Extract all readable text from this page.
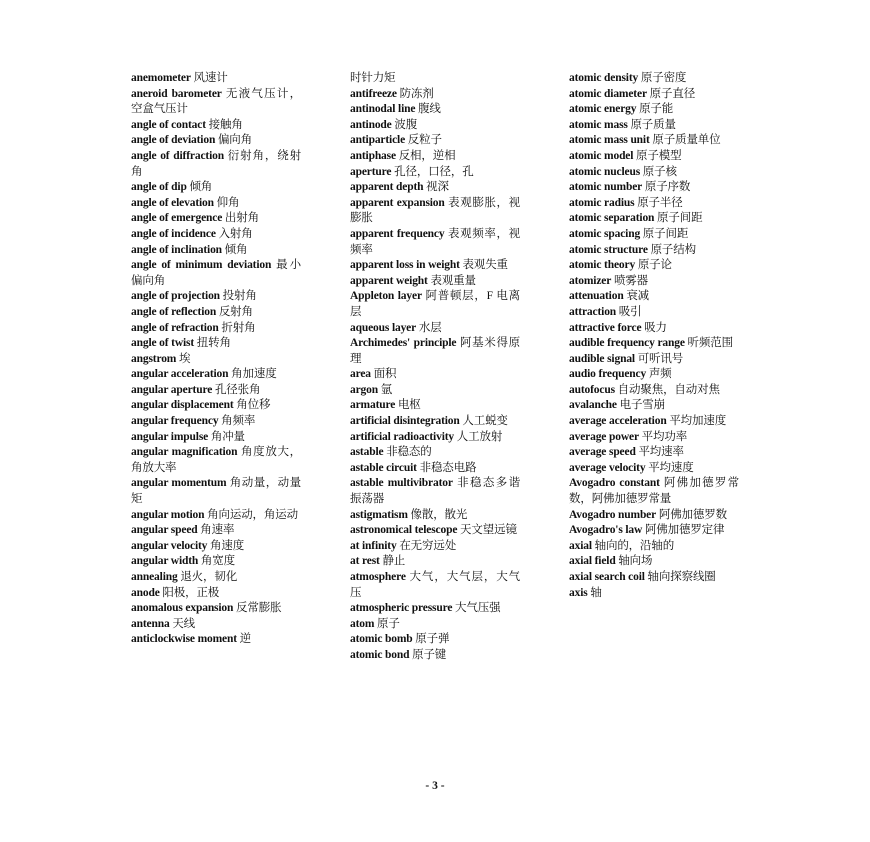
anemometer 风速计

aneroid barometer 无液气压计，空盒气压计

angle of contact 接触角

angle of deviation 偏向角

angle of diffraction 衍射角，绕射角

angle of dip 倾角

angle of elevation 仰角

angle of emergence 出射角

angle of incidence 入射角

angle of inclination 倾角

angle of minimum deviation 最小偏向角

angle of projection 投射角

angle of reflection 反射角

angle of refraction 折射角

angle of twist 扭转角

angstrom 埃

angular acceleration 角加速度

angular aperture 孔径张角

angular displacement 角位移

angular frequency 角频率

angular impulse 角冲量

angular magnification 角度放大，角放大率

angular momentum 角动量，动量矩

angular motion 角向运动，角运动

angular speed 角速率

angular velocity 角速度

angular width 角宽度

annealing 退火，韧化

anode 阳极，正极

anomalous expansion 反常膨胀

antenna 天线

anticlockwise moment 逆

时针力矩

antifreeze 防冻剂

antinodal line 腹线

antinode 波腹

antiparticle 反粒子

antiphase 反相，逆相

aperture 孔径，口径，孔

apparent depth 视深

apparent expansion 表观膨胀，视膨胀

apparent frequency 表观频率，视频率

apparent loss in weight 表观失重

apparent weight 表观重量

Appleton layer 阿普顿层，F 电离层

aqueous layer 水层

Archimedes' principle 阿基米得原理

area 面积

argon 氩

armature 电枢

artificial disintegration 人工蜕变

artificial radioactivity 人工放射

astable 非稳态的

astable circuit 非稳态电路

astable multivibrator 非稳态多谐振荡器

astigmatism 像散，散光

astronomical telescope 天文望远镜

at infinity 在无穷远处

at rest 静止

atmosphere 大气，大气层，大气压

atmospheric pressure 大气压强

atom 原子

atomic bomb 原子弹

atomic bond 原子键

atomic density 原子密度

atomic diameter 原子直径

atomic energy 原子能

atomic mass 原子质量

atomic mass unit 原子质量单位

atomic model 原子模型

atomic nucleus 原子核

atomic number 原子序数

atomic radius 原子半径

atomic separation 原子间距

atomic spacing 原子间距

atomic structure 原子结构

atomic theory 原子论

atomizer 喷雾器

attenuation 衰减

attraction 吸引

attractive force 吸力

audible frequency range 听频范围

audible signal 可听讯号

audio frequency 声频

autofocus 自动聚焦，自动对焦

avalanche 电子雪崩

average acceleration 平均加速度

average power 平均功率

average speed 平均速率

average velocity 平均速度

Avogadro constant 阿佛加德罗常数，阿佛加德罗常量

Avogadro number 阿佛加德罗数

Avogadro's law 阿佛加德罗定律

axial 轴向的，沿轴的

axial field 轴向场

axial search coil 轴向探察线圈

axis 轴

- 3 -
